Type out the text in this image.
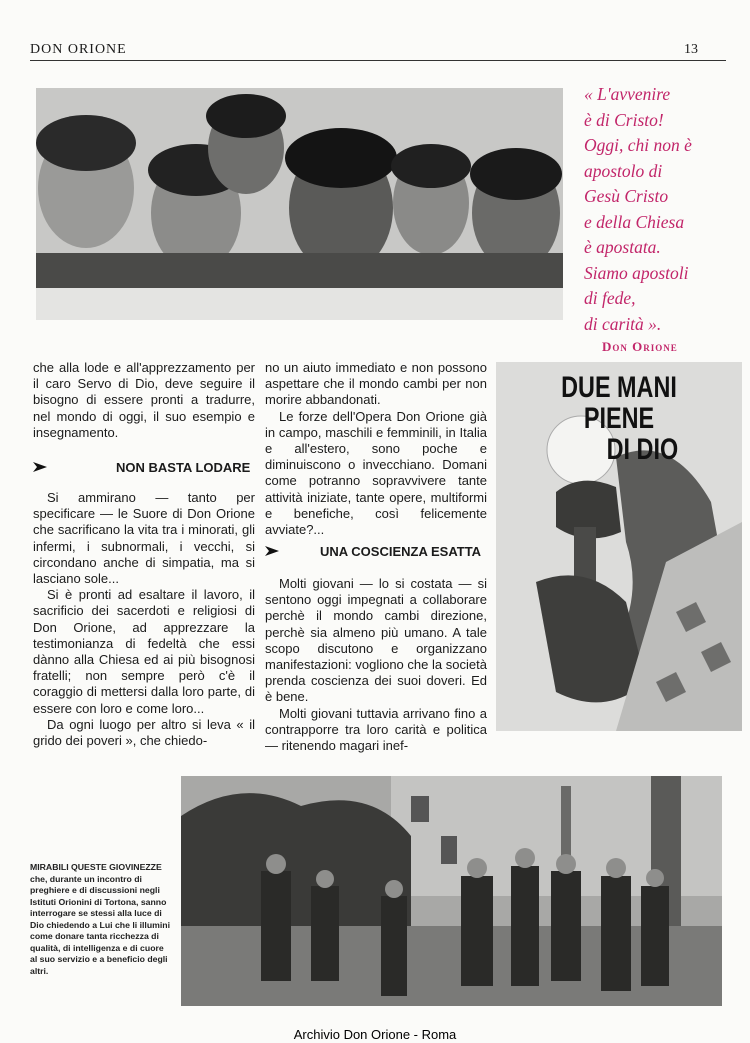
DON ORIONE	13

« L'avvenire

è di Cristo!

Oggi, chi non è

apostolo di

Gesù Cristo

e della Chiesa

è apostata.

Siamo apostoli

di fede,

di carità ».

Don Orione

che alla lode e all'apprezzamento per il caro Servo di Dio, deve seguire il bisogno di essere pronti a tradurre, nel mondo di oggi, il suo esempio e insegnamento.

NON BASTA LODARE

Si ammirano — tanto per specificare — le Suore di Don Orione che sacrificano la vita tra i minorati, gli infermi, i subnormali, i vecchi, si circondano anche di simpatia, ma si lasciano sole...

Si è pronti ad esaltare il lavoro, il sacrificio dei sacerdoti e religiosi di Don Orione, ad apprezzare la testimonianza di fedeltà che essi dànno alla Chiesa ed ai più bisognosi fratelli; non sempre però c'è il coraggio di mettersi dalla loro parte, di essere con loro e come loro...

Da ogni luogo per altro si leva « il grido dei poveri », che chiedo-

no un aiuto immediato e non possono aspettare che il mondo cambi per non morire abbandonati.

Le forze dell'Opera Don Orione già in campo, maschili e femminili, in Italia e all'estero, sono poche e diminuiscono o invecchiano. Domani come potranno sopravvivere tante attività iniziate, tante opere, multiformi e benefiche, così felicemente avviate?...

UNA COSCIENZA ESATTA

Molti giovani — lo si costata — si sentono oggi impegnati a collaborare perchè il mondo cambi direzione, perchè sia almeno più umano. A tale scopo discutono e organizzano manifestazioni: vogliono che la società prenda coscienza dei suoi doveri. Ed è bene.

Molti giovani tuttavia arrivano fino a contrapporre tra loro carità e politica — ritenendo magari inef-

DUE MANI PIENE
DI DIO
MIRABILI QUESTE GIOVINEZZE che, durante un incontro di preghiere e di discussioni negli Istituti Orionini di Tortona, sanno interrogare se stessi alla luce di Dio chiedendo a Lui che li illumini come donare tanta ricchezza di qualità, di intelligenza e di cuore al suo servizio e a beneficio degli altri.
Archivio Don Orione - Roma
